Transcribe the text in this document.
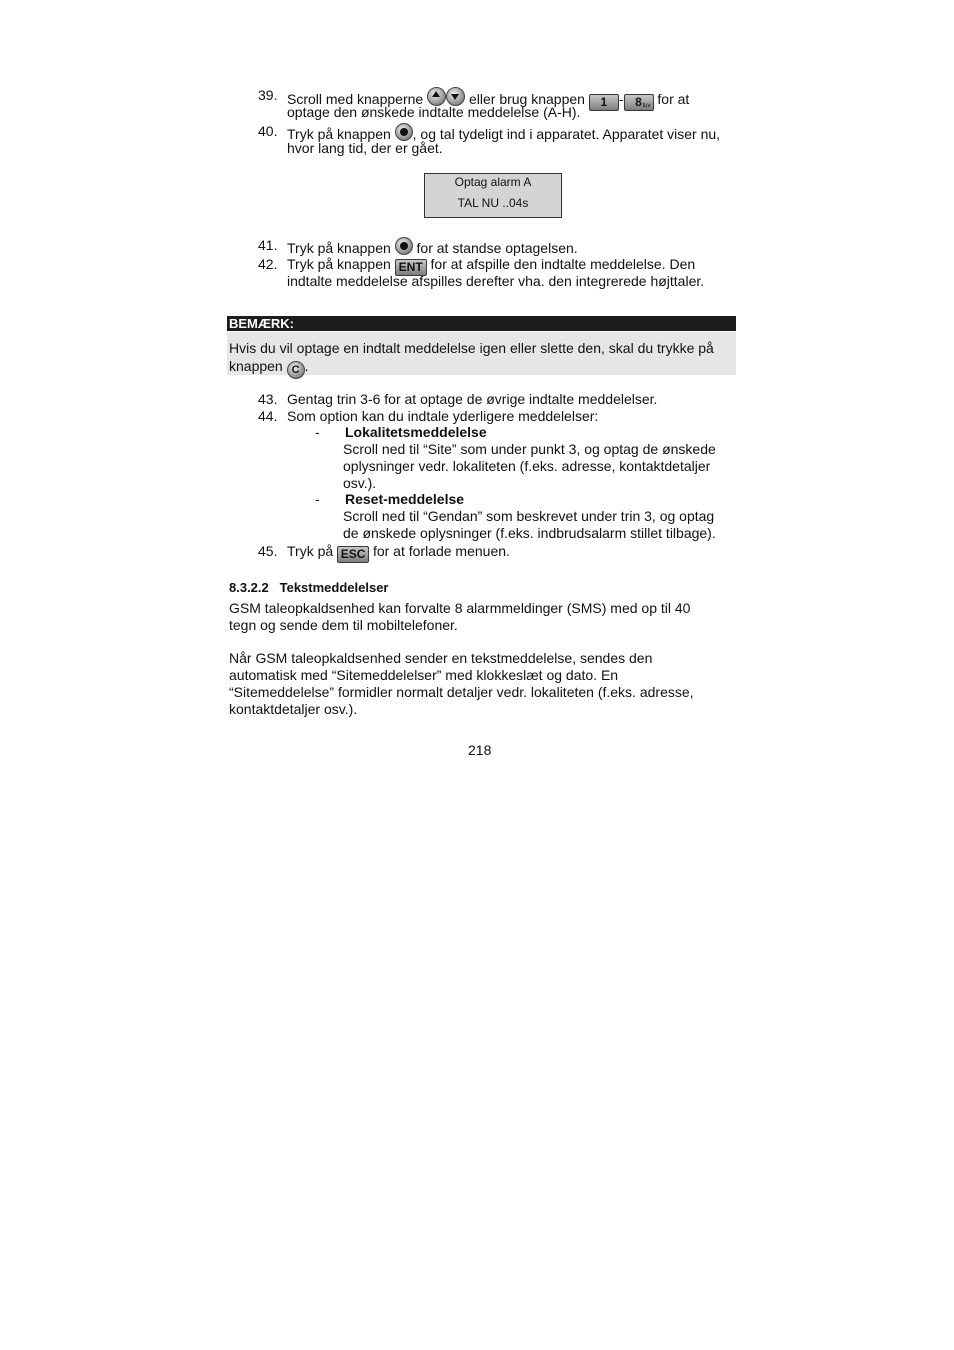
39. Scroll med knapperne	eller brug knappen 1 - 8 tuv for at
optage den ønskede indtalte meddelelse (A-H).
40. Tryk på knappen , og tal tydeligt ind i apparatet. Apparatet viser nu,
hvor lang tid, der er gået.
Optag alarm A
TAL NU ..04s
41. Tryk på knappen for at standse optagelsen.
42. Tryk på knappen ENT for at afspille den indtalte meddelelse. Den
indtalte meddelelse afspilles derefter vha. den integrerede højttaler.
BEMÆRK:
Hvis du vil optage en indtalt meddelelse igen eller slette den, skal du trykke på
knappen C .
43. Gentag trin 3-6 for at optage de øvrige indtalte meddelelser.
44. Som option kan du indtale yderligere meddelelser:
- Lokalitetsmeddelelse
Scroll ned til “Site” som under punkt 3, og optag de ønskede
oplysninger vedr. lokaliteten (f.eks. adresse, kontaktdetaljer
osv.).
- Reset-meddelelse
Scroll ned til “Gendan” som beskrevet under trin 3, og optag
de ønskede oplysninger (f.eks. indbrudsalarm stillet tilbage).
45. Tryk på ESC for at forlade menuen.
8.3.2.2 Tekstmeddelelser
GSM taleopkaldsenhed kan forvalte 8 alarmmeldinger (SMS) med op til 40
tegn og sende dem til mobiltelefoner.
Når GSM taleopkaldsenhed sender en tekstmeddelelse, sendes den
automatisk med “Sitemeddelelser” med klokkeslæt og dato. En
“Sitemeddelelse” formidler normalt detaljer vedr. lokaliteten (f.eks. adresse,
kontaktdetaljer osv.).
218
